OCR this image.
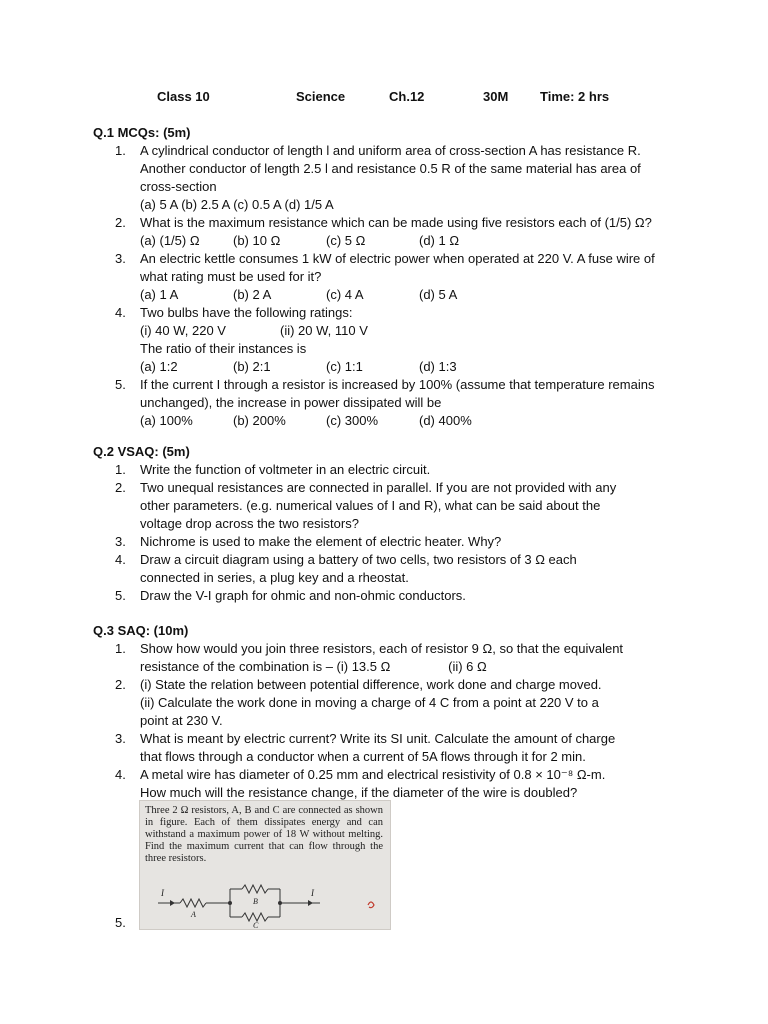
Class 10	Science	Ch.12	30M Time: 2 hrs
Q.1 MCQs: (5m)
1. A cylindrical conductor of length l and uniform area of cross-section A has resistance R.
Another conductor of length 2.5 l and resistance 0.5 R of the same material has area of
cross-section
(a) 5 A (b) 2.5 A (c) 0.5 A (d) 1/5 A
2. What is the maximum resistance which can be made using five resistors each of (1/5) Ω?
(a) (1/5) Ω	(b) 10 Ω	(c) 5 Ω	(d) 1 Ω
3. An electric kettle consumes 1 kW of electric power when operated at 220 V. A fuse wire of
what rating must be used for it?
(a) 1 A	(b) 2 A	(c) 4 A	(d) 5 A
4. Two bulbs have the following ratings:
(i) 40 W, 220 V	(ii) 20 W, 110 V
The ratio of their instances is
(a) 1:2	(b) 2:1	(c) 1:1	(d) 1:3
5. If the current I through a resistor is increased by 100% (assume that temperature remains
unchanged), the increase in power dissipated will be
(a) 100%	(b) 200%	(c) 300%	(d) 400%
Q.2 VSAQ: (5m)
1. Write the function of voltmeter in an electric circuit.
2. Two unequal resistances are connected in parallel. If you are not provided with any
other parameters. (e.g. numerical values of I and R), what can be said about the
voltage drop across the two resistors?
3. Nichrome is used to make the element of electric heater. Why?
4. Draw a circuit diagram using a battery of two cells, two resistors of 3 Ω each
connected in series, a plug key and a rheostat.
5. Draw the V-I graph for ohmic and non-ohmic conductors.
Q.3 SAQ: (10m)
1. Show how would you join three resistors, each of resistor 9 Ω, so that the equivalent
resistance of the combination is – (i) 13.5 Ω                (ii) 6 Ω
2. (i) State the relation between potential difference, work done and charge moved.
(ii) Calculate the work done in moving a charge of 4 C from a point at 220 V to a
point at 230 V.
3. What is meant by electric current? Write its SI unit. Calculate the amount of charge
that flows through a conductor when a current of 5A flows through it for 2 min.
4. A metal wire has diameter of 0.25 mm and electrical resistivity of 0.8 × 10⁻⁸ Ω-m.
How much will the resistance change, if the diameter of the wire is doubled?
5.
Three 2 Ω resistors, A, B and C are connected as shown in figure. Each of them dissipates energy and can withstand a maximum power of 18 W without melting. Find the maximum current that can flow through the three resistors.
I	I
A
B
C
